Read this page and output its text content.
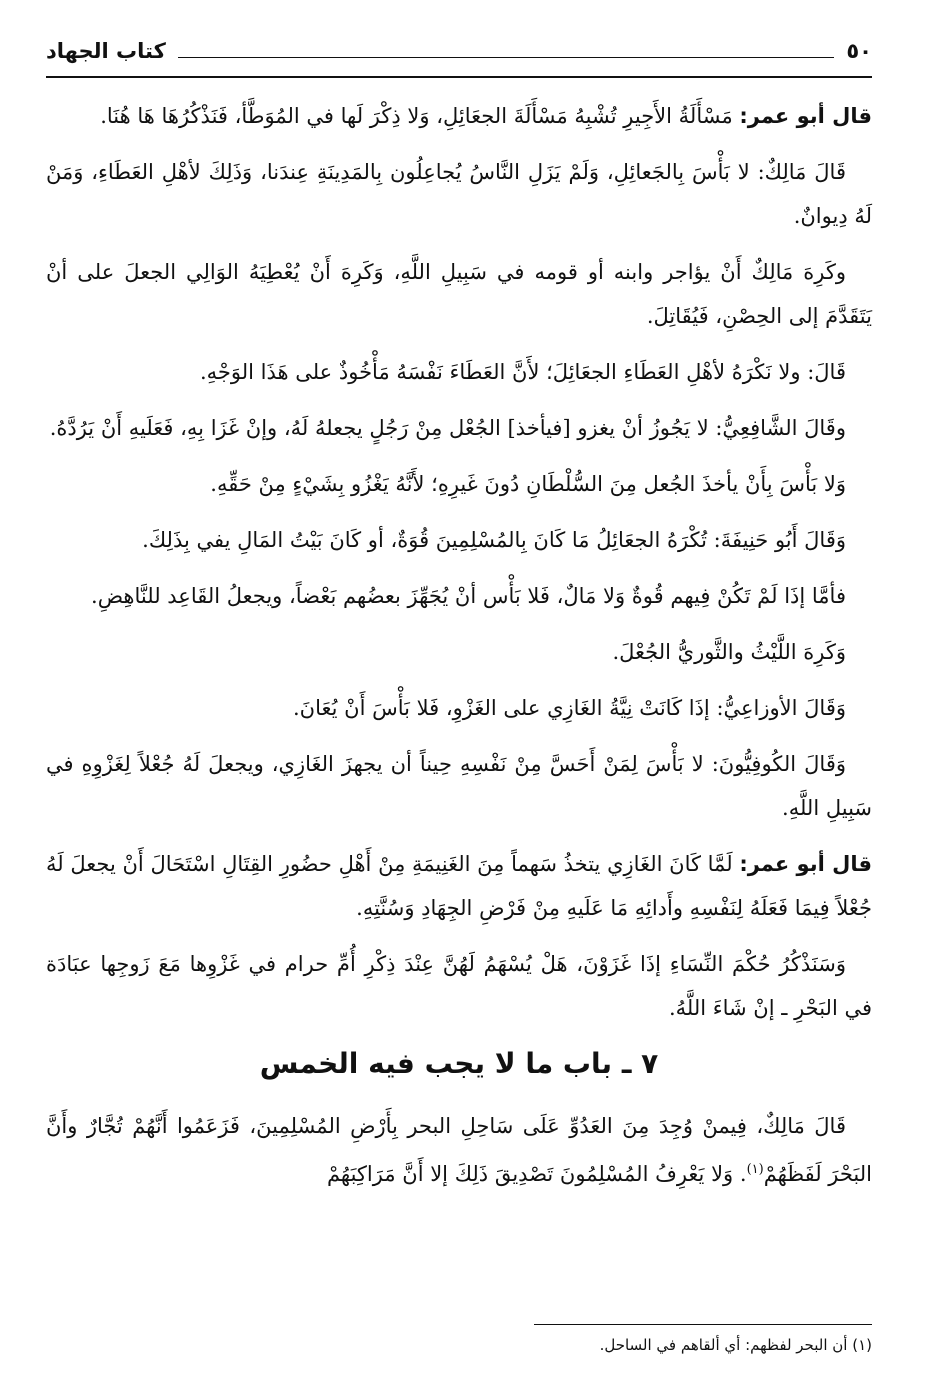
٥٠
كتاب الجهاد

قال أبو عمر: مَسْأَلَةُ الأَجِيرِ تُشْبِهُ مَسْأَلَةَ الجعَائِلِ، وَلا ذِكْرَ لَها في المُوَطَّأ، فَنَذْكُرُهَا هَا هُنَا.

قَالَ مَالِكٌ: لا بَأْسَ بِالجَعائِلِ، وَلَمْ يَزَلِ النَّاسُ يُجاعِلُون بِالمَدِينَةِ عِندَنا، وَذَلِكَ لأهْلِ العَطَاءِ، وَمَنْ لَهُ دِيوانٌ.

وكَرِهَ مَالِكٌ أَنْ يؤاجر وابنه أو قومه في سَبِيلِ اللَّهِ، وَكَرِهَ أَنْ يُعْطِيَهُ الوَالِي الجعلَ على أنْ يَتَقَدَّمَ إلى الحِصْنِ، فَيُقَاتِلَ.

قَالَ: ولا نَكْرَهُ لأهْلِ العَطَاءِ الجعَائِلَ؛ لأَنَّ العَطَاءَ نَفْسَهُ مَأْخُوذٌ على هَذَا الوَجْهِ.

وقَالَ الشَّافِعِيُّ: لا يَجُوزُ أنْ يغزو [فيأخذ] الجُعْل مِنْ رَجُلٍ يجعلهُ لَهُ، وإنْ غَزَا بِهِ، فَعَلَيهِ أَنْ يَرُدَّهُ.

وَلا بَأْسَ بِأَنْ يأخذَ الجُعل مِنَ السُّلْطَانِ دُونَ غَيرِهِ؛ لأَنَّهُ يَغْزُو بِشَيْءٍ مِنْ حَقِّهِ.

وَقَالَ أَبُو حَنِيفَةَ: تُكْرَهُ الجعَائِلُ مَا كَانَ بِالمُسْلِمِينَ قُوَةٌ، أو كَانَ بَيْتُ المَالِ يفي بِذَلِكَ.

فأمَّا إذَا لَمْ تَكُنْ فِيهم قُوةٌ وَلا مَالٌ، فَلا بَأْس أنْ يُجَهِّزَ بعضُهم بَعْضاً، ويجعلُ القَاعِد للنَّاهِضِ.

وَكَرِهَ اللَّيْثُ والثَّوريُّ الجُعْلَ.

وَقَالَ الأوزاعِيُّ: إذَا كَانَتْ نِيَّةُ الغَازِي على الغَزْوِ، فَلا بَأْسَ أَنْ يُعَانَ.

وَقَالَ الكُوفِيُّونَ: لا بَأْسَ لِمَنْ أَحَسَّ مِنْ نَفْسِهِ حِيناً أن يجهزَ الغَازِي، ويجعلَ لَهُ جُعْلاً لِغَزْوِهِ في سَبِيلِ اللَّهِ.

قال أبو عمر: لَمَّا كَانَ الغَازِي يتخذُ سَهماً مِنَ الغَنِيمَةِ مِنْ أَهْلِ حضُورِ القِتَالِ اسْتَحَالَ أَنْ يجعلَ لَهُ جُعْلاً فِيمَا فَعَلَهُ لِنَفْسِهِ وأَدائِهِ مَا عَلَيهِ مِنْ فَرْضِ الجِهَادِ وَسُنَّتِهِ.

وَسَنَذْكُرُ حُكْمَ النِّسَاءِ إذَا غَزَوْنَ، هَلْ يُسْهَمُ لَهُنَّ عِنْدَ ذِكْرِ أُمِّ حرام في غَزْوِها مَعَ زَوجِها عبَادَة في البَحْرِ ـ إنْ شَاءَ اللَّهُ.

٧ ـ باب ما لا يجب فيه الخمس

قَالَ مَالِكٌ، فِيمنْ وُجِدَ مِنَ العَدُوِّ عَلَى سَاحِلِ البحر بِأَرْضِ المُسْلِمِينَ، فَزَعَمُوا أَنَّهُمْ تُجَّارٌ وأَنَّ البَحْرَ لَفَظَهُمْ$^{(١)}$. وَلا يَعْرِفُ المُسْلِمُونَ تَصْدِيقَ ذَلِكَ إلا أَنَّ مَرَاكِبَهُمْ

(١) أن البحر لفظهم: أي ألقاهم في الساحل.
